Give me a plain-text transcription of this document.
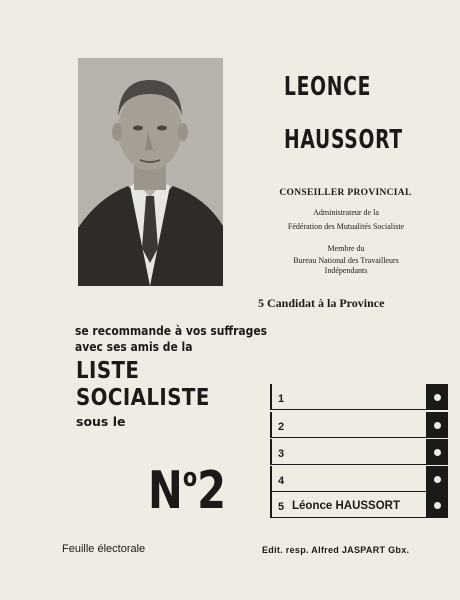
LEONCE
HAUSSORT
CONSEILLER PROVINCIAL
Administrateur de la
Fédération des Mutualités Socialiste
Membre du
Bureau National des Travailleurs
Indépendants
5 Candidat à la Province
se recommande à vos suffrages
avec ses amis de la
LISTE
SOCIALISTE
sous le
$N^o2$
1
2
3
4
5 Léonce HAUSSORT
Feuille électorale	Edit. resp. Alfred JASPART Gbx.
